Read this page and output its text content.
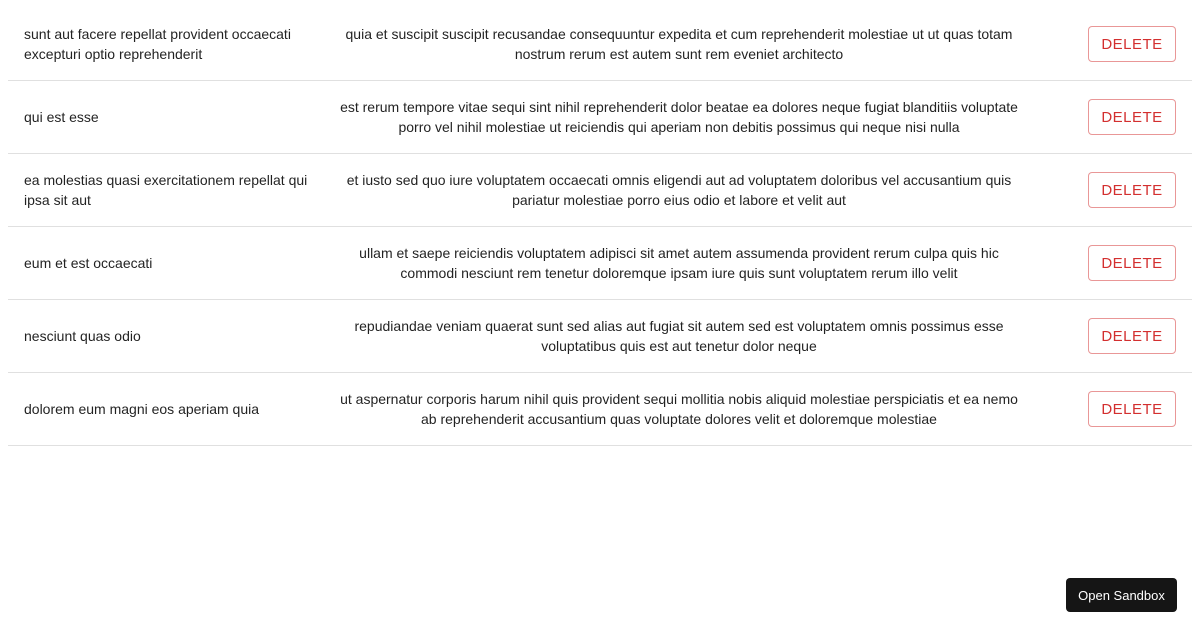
sunt aut facere repellat provident occaecati excepturi optio reprehenderit
quia et suscipit suscipit recusandae consequuntur expedita et cum reprehenderit molestiae ut ut quas totam nostrum rerum est autem sunt rem eveniet architecto
DELETE
qui est esse
est rerum tempore vitae sequi sint nihil reprehenderit dolor beatae ea dolores neque fugiat blanditiis voluptate porro vel nihil molestiae ut reiciendis qui aperiam non debitis possimus qui neque nisi nulla
DELETE
ea molestias quasi exercitationem repellat qui ipsa sit aut
et iusto sed quo iure voluptatem occaecati omnis eligendi aut ad voluptatem doloribus vel accusantium quis pariatur molestiae porro eius odio et labore et velit aut
DELETE
eum et est occaecati
ullam et saepe reiciendis voluptatem adipisci sit amet autem assumenda provident rerum culpa quis hic commodi nesciunt rem tenetur doloremque ipsam iure quis sunt voluptatem rerum illo velit
DELETE
nesciunt quas odio
repudiandae veniam quaerat sunt sed alias aut fugiat sit autem sed est voluptatem omnis possimus esse voluptatibus quis est aut tenetur dolor neque
DELETE
dolorem eum magni eos aperiam quia
ut aspernatur corporis harum nihil quis provident sequi mollitia nobis aliquid molestiae perspiciatis et ea nemo ab reprehenderit accusantium quas voluptate dolores velit et doloremque molestiae
DELETE
Open Sandbox
